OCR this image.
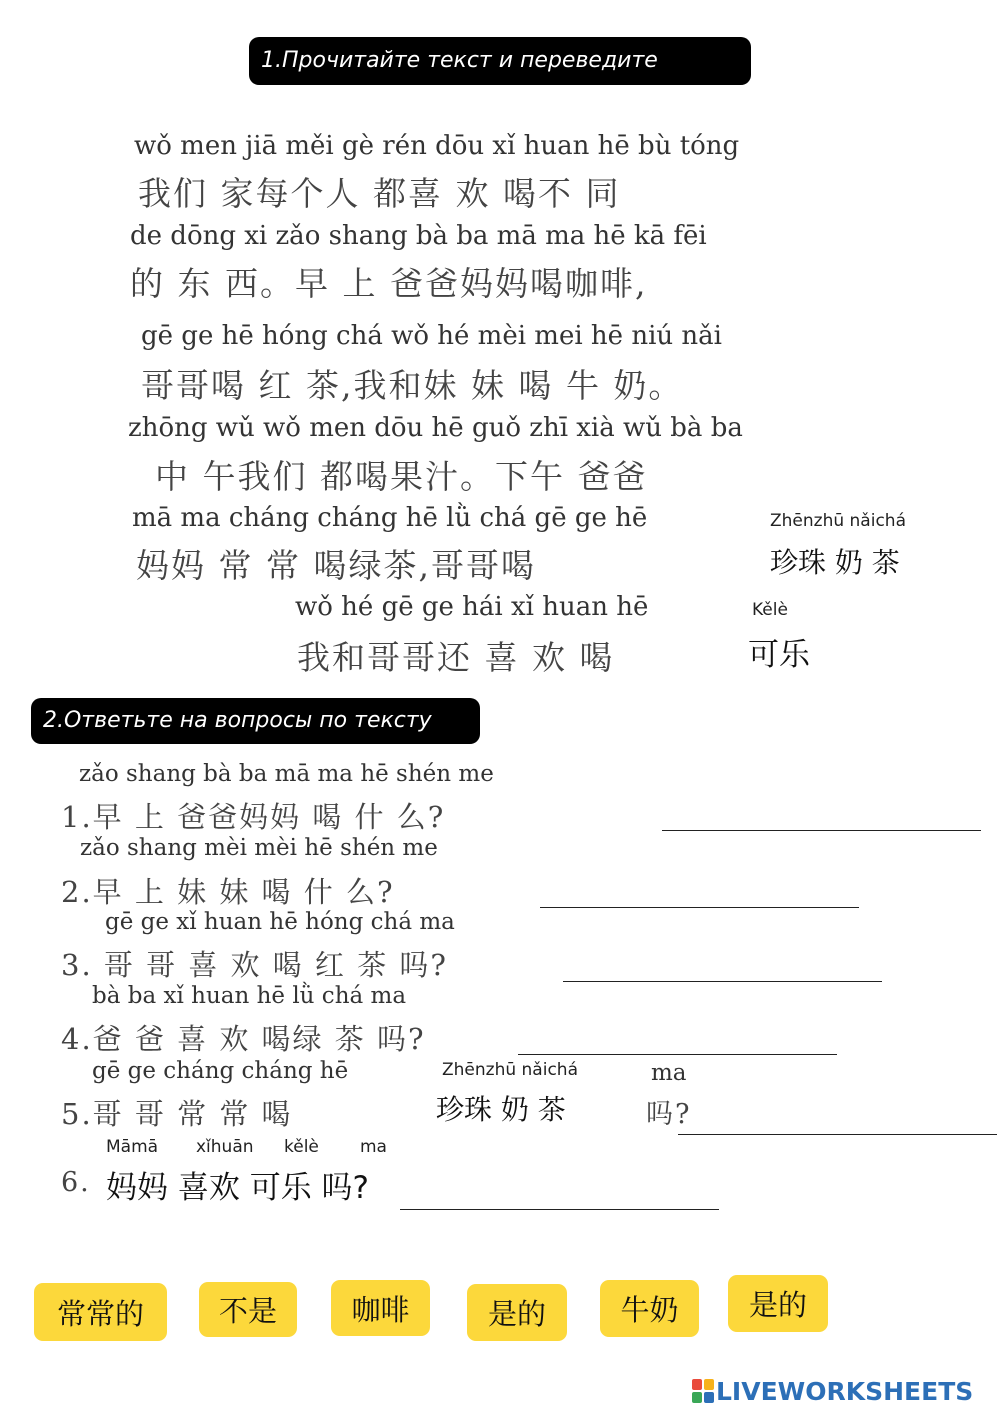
1.Прочитайте текст и переведите
wǒ men jiā měi gè rén dōu xǐ huan hē bù tóng
我们 家每个人 都喜 欢 喝不 同
de dōng xi zǎo shang bà ba mā ma hē kā fēi
的 东 西。早 上 爸爸妈妈喝咖啡,
gē ge hē hóng chá wǒ hé mèi mei hē niú nǎi
哥哥喝 红 茶,我和妹 妹 喝 牛 奶。
zhōng wǔ wǒ men dōu hē guǒ zhī xià wǔ bà ba
中 午我们 都喝果汁。下午 爸爸
mā ma cháng cháng hē lǜ chá gē ge hē	Zhēnzhū nǎichá
妈妈 常 常 喝绿茶,哥哥喝	珍珠 奶 茶
wǒ hé gē ge hái xǐ huan hē	Kělè
我和哥哥还 喜 欢 喝	可乐
2.Ответьте на вопросы по тексту
zǎo shang bà ba mā ma hē shén me
1.早 上 爸爸妈妈 喝 什 么?
zǎo shang mèi mèi hē shén me
2.早 上 妹 妹 喝 什 么?
gē ge xǐ huan hē hóng chá ma
3. 哥 哥 喜 欢 喝 红 茶 吗?
bà ba xǐ huan hē lǜ chá ma
4.爸 爸 喜 欢 喝绿 茶 吗?
gē ge cháng cháng hē	Zhēnzhū nǎichá	ma
5.哥 哥 常 常 喝	珍珠 奶 茶	吗?
Māmā xǐhuān kělè ma
6. 妈妈 喜欢 可乐 吗?
常常的	不是	咖啡	是的	牛奶 是的
LIVEWORKSHEETS
